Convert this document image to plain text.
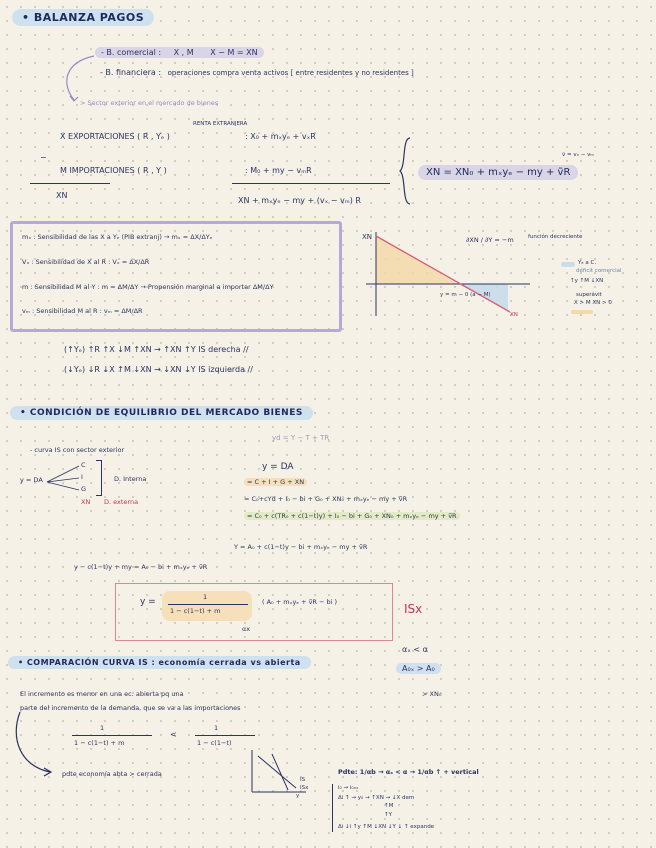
• BALANZA PAGOS
- B. comercial : X , M X − M = XN
- B. financiera : operaciones compra venta activos [ entre residentes y no residentes ]
> Sector exterior en el mercado de bienes
RENTA EXTRANJERA
X EXPORTACIONES ( R , Yₑ )	: X₀ + mₓyₑ + vₓR
−
M IMPORTACIONES ( R , Y )	: M₀ + my − vₘR
XN
XN + mₓyₑ − my + (vₓ − vₘ) R
XN = XN₀ + mₓyₑ − my + ṽR
ṽ = vₓ − vₘ
mₓ : Sensibilidad de las X a Yₑ (PIB extranj) → mₓ = ΔX/ΔYₑ
Vₓ : Sensibilidad de X al R : Vₓ = ΔX/ΔR
m : Sensibilidad M al Y : m = ΔM/ΔY → Propensión marginal a importar ΔM/ΔY
vₘ : Sensibilidad M al R : vₘ = ΔM/ΔR
XN	∂XN / ∂Y = −m	función decreciente
y = m − 0 (a − M)
XN
Yₑ a C.
déficit comercial
↑y ↑M ↓XN
superávit
X > M XN > 0
(↑Yₑ) ↑R ↑X ↓M ↑XN → ↑XN ↑Y IS derecha //
(↓Yₑ) ↓R ↓X ↑M ↓XN → ↓XN ↓Y IS izquierda //
• CONDICIÓN DE EQUILIBRIO DEL MERCADO BIENES
- curva IS con sector exterior
yd = Y − T + TR
y = DA
C
I
G
XN
D. Interna
D. externa
y = DA
= C + I + G + XN
= C₀+cYd + I₀ − bi + G₀ + XN₀ + mₓyₑ − my + ṽR
= C₀ + c(TR₀ + c(1−t)y) + I₀ − bi + G₀ + XN₀ + mₓyₑ − my + ṽR
Y = A₀ + c(1−t)y − bi + mₓyₑ − my + ṽR
y − c(1−t)y + my = A₀ − bi + mₓyₑ + ṽR
y =	1
1 − c(1−t) + m
( A₀ + mₓyₑ + ṽR − bi )
αx
ISx
• COMPARACIÓN CURVA IS : economía cerrada vs abierta
αₓ < α
A₀ₓ > A₀
> XN₀
El incremento es menor en una ec. abierta pq una
parte del incremento de la demanda, que se va a las importaciones
1
1 − c(1−t) + m
<
1
1 − c(1−t)
pdte economía abta > cerrada
IS
ISx
y
Pdte: 1/αb → αₓ < α → 1/αb ↑ + vertical
i₀ → i₀ₓₓ
Δi ↑ → y₀ → ↑XN → ↓X dem
↑M
↑Y
Δi ↓i ↑y ↑M ↓XN ↓Y ↓ ↑ expande
